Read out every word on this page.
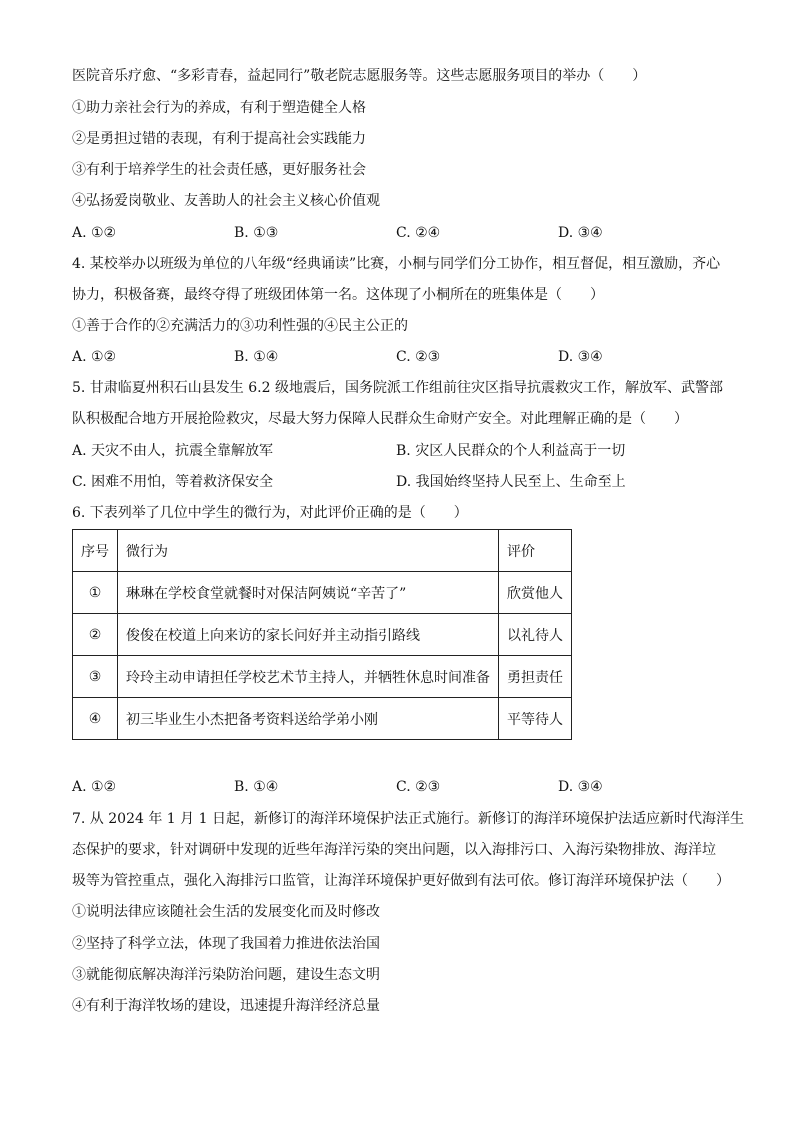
医院音乐疗愈、“多彩青春，益起同行”敬老院志愿服务等。这些志愿服务项目的举办（　　）
①助力亲社会行为的养成，有利于塑造健全人格
②是勇担过错的表现，有利于提高社会实践能力
③有利于培养学生的社会责任感，更好服务社会
④弘扬爱岗敬业、友善助人的社会主义核心价值观
A. ①②	B. ①③	C. ②④	D. ③④
4. 某校举办以班级为单位的八年级“经典诵读”比赛，小桐与同学们分工协作，相互督促，相互激励，齐心
协力，积极备赛，最终夺得了班级团体第一名。这体现了小桐所在的班集体是（　　）
①善于合作的②充满活力的③功利性强的④民主公正的
A. ①②	B. ①④	C. ②③	D. ③④
5. 甘肃临夏州积石山县发生 6.2 级地震后，国务院派工作组前往灾区指导抗震救灾工作，解放军、武警部
队积极配合地方开展抢险救灾，尽最大努力保障人民群众生命财产安全。对此理解正确的是（　　）
A. 天灾不由人，抗震全靠解放军	B. 灾区人民群众的个人利益高于一切
C. 困难不用怕，等着救济保安全	D. 我国始终坚持人民至上、生命至上
6. 下表列举了几位中学生的微行为，对此评价正确的是（　　）
序号	微行为	评价
①	琳琳在学校食堂就餐时对保洁阿姨说“辛苦了”	欣赏他人
②	俊俊在校道上向来访的家长问好并主动指引路线	以礼待人
③	玲玲主动申请担任学校艺术节主持人，并牺牲休息时间准备	勇担责任
④	初三毕业生小杰把备考资料送给学弟小刚	平等待人
A. ①②	B. ①④	C. ②③	D. ③④
7. 从 2024 年 1 月 1 日起，新修订的海洋环境保护法正式施行。新修订的海洋环境保护法适应新时代海洋生
态保护的要求，针对调研中发现的近些年海洋污染的突出问题，以入海排污口、入海污染物排放、海洋垃
圾等为管控重点，强化入海排污口监管，让海洋环境保护更好做到有法可依。修订海洋环境保护法（　　）
①说明法律应该随社会生活的发展变化而及时修改
②坚持了科学立法，体现了我国着力推进依法治国
③就能彻底解决海洋污染防治问题，建设生态文明
④有利于海洋牧场的建设，迅速提升海洋经济总量
